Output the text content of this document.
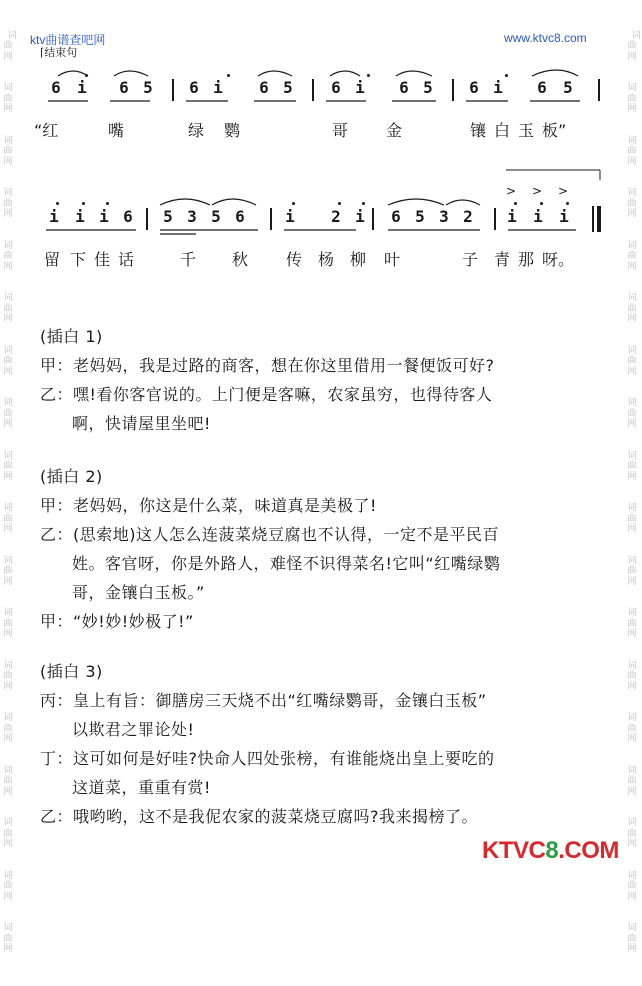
ktv曲谱查吧网	www.ktvc8.com

词
曲
网

词
曲
网

词
曲
网

词
曲
网

词
曲
网

词
曲
网

词
曲
网

词
曲
网

词
曲
网

词
曲
网

词
曲
网

词
曲
网

词
曲
网

词
曲
网

词
曲
网

词
曲
网

词
曲
网

词
曲
网

词
曲
网

词
曲
网

词
曲
网

词
曲
网

词
曲
网

词
曲
网

词
曲
网

词
曲
网

词
曲
网

词
曲
网

词
曲
网

词
曲
网

词
曲
网

词
曲
网

词
曲
网

词
曲
网

词
曲
网

词
曲
网

⌈结束句
6	i	6 5	6 i	6 5	6 i	6 5	6 i	6	5
“红	嘴	绿 鹦	哥 金	镶 白 玉 板”
i	i i 6	5 3 5 6	i	2 i	6 5 3 2	i	i	i
> > >
留 下 佳 话	千 秋 传 杨 柳 叶	子 青 那 呀。
(插白 1)
甲：老妈妈，我是过路的商客，想在你这里借用一餐便饭可好?
乙：嘿!看你客官说的。上门便是客嘛，农家虽穷，也得待客人
啊，快请屋里坐吧!
(插白 2)
甲：老妈妈，你这是什么菜，味道真是美极了!
乙：(思索地)这人怎么连菠菜烧豆腐也不认得，一定不是平民百
姓。客官呀，你是外路人，难怪不识得菜名!它叫“红嘴绿鹦
哥，金镶白玉板。”
甲：“妙!妙!妙极了!”
(插白 3)
丙：皇上有旨：御膳房三天烧不出“红嘴绿鹦哥，金镶白玉板”
以欺君之罪论处!
丁：这可如何是好哇?快命人四处张榜，有谁能烧出皇上要吃的
这道菜，重重有赏!
乙：哦哟哟，这不是我伲农家的菠菜烧豆腐吗?我来揭榜了。
KTVC8.COM
